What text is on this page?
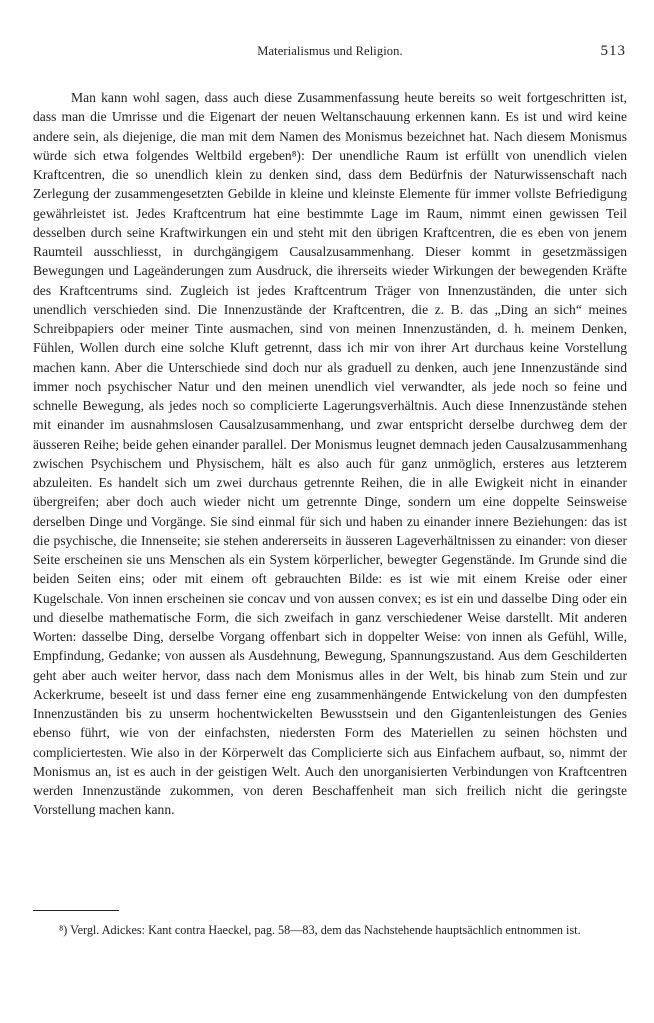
Materialismus und Religion.	513

Man kann wohl sagen, dass auch diese Zusammenfassung heute bereits so weit fortgeschritten ist, dass man die Umrisse und die Eigenart der neuen Weltanschauung erkennen kann. Es ist und wird keine andere sein, als diejenige, die man mit dem Namen des Monismus bezeichnet hat. Nach diesem Monismus würde sich etwa folgendes Weltbild ergeben⁸): Der unendliche Raum ist erfüllt von unendlich vielen Kraftcentren, die so unendlich klein zu denken sind, dass dem Bedürfnis der Naturwissenschaft nach Zerlegung der zusammengesetzten Gebilde in kleine und kleinste Elemente für immer vollste Befriedigung gewährleistet ist. Jedes Kraftcentrum hat eine bestimmte Lage im Raum, nimmt einen gewissen Teil desselben durch seine Kraftwirkungen ein und steht mit den übrigen Kraftcentren, die es eben von jenem Raumteil ausschliesst, in durchgängigem Causalzusammenhang. Dieser kommt in gesetzmässigen Bewegungen und Lageänderungen zum Ausdruck, die ihrerseits wieder Wirkungen der bewegenden Kräfte des Kraftcentrums sind. Zugleich ist jedes Kraftcentrum Träger von Innenzuständen, die unter sich unendlich verschieden sind. Die Innenzustände der Kraftcentren, die z. B. das „Ding an sich“ meines Schreibpapiers oder meiner Tinte ausmachen, sind von meinen Innenzuständen, d. h. meinem Denken, Fühlen, Wollen durch eine solche Kluft getrennt, dass ich mir von ihrer Art durchaus keine Vorstellung machen kann. Aber die Unterschiede sind doch nur als graduell zu denken, auch jene Innenzustände sind immer noch psychischer Natur und den meinen unendlich viel verwandter, als jede noch so feine und schnelle Bewegung, als jedes noch so complicierte Lagerungsverhältnis. Auch diese Innenzustände stehen mit einander im ausnahmslosen Causalzusammenhang, und zwar entspricht derselbe durchweg dem der äusseren Reihe; beide gehen einander parallel. Der Monismus leugnet demnach jeden Causalzusammenhang zwischen Psychischem und Physischem, hält es also auch für ganz unmöglich, ersteres aus letzterem abzuleiten. Es handelt sich um zwei durchaus getrennte Reihen, die in alle Ewigkeit nicht in einander übergreifen; aber doch auch wieder nicht um getrennte Dinge, sondern um eine doppelte Seinsweise derselben Dinge und Vorgänge. Sie sind einmal für sich und haben zu einander innere Beziehungen: das ist die psychische, die Innenseite; sie stehen andererseits in äusseren Lageverhältnissen zu einander: von dieser Seite erscheinen sie uns Menschen als ein System körperlicher, bewegter Gegenstände. Im Grunde sind die beiden Seiten eins; oder mit einem oft gebrauchten Bilde: es ist wie mit einem Kreise oder einer Kugelschale. Von innen erscheinen sie concav und von aussen convex; es ist ein und dasselbe Ding oder ein und dieselbe mathematische Form, die sich zweifach in ganz verschiedener Weise darstellt. Mit anderen Worten: dasselbe Ding, derselbe Vorgang offenbart sich in doppelter Weise: von innen als Gefühl, Wille, Empfindung, Gedanke; von aussen als Ausdehnung, Bewegung, Spannungszustand. Aus dem Geschilderten geht aber auch weiter hervor, dass nach dem Monismus alles in der Welt, bis hinab zum Stein und zur Ackerkrume, beseelt ist und dass ferner eine eng zusammenhängende Entwickelung von den dumpfesten Innenzuständen bis zu unserm hochentwickelten Bewusstsein und den Gigantenleistungen des Genies ebenso führt, wie von der einfachsten, niedersten Form des Materiellen zu seinen höchsten und compliciertesten. Wie also in der Körperwelt das Complicierte sich aus Einfachem aufbaut, so, nimmt der Monismus an, ist es auch in der geistigen Welt. Auch den unorganisierten Verbindungen von Kraftcentren werden Innenzustände zukommen, von deren Beschaffenheit man sich freilich nicht die geringste Vorstellung machen kann.

⁸) Vergl. Adickes: Kant contra Haeckel, pag. 58—83, dem das Nachstehende hauptsächlich entnommen ist.
